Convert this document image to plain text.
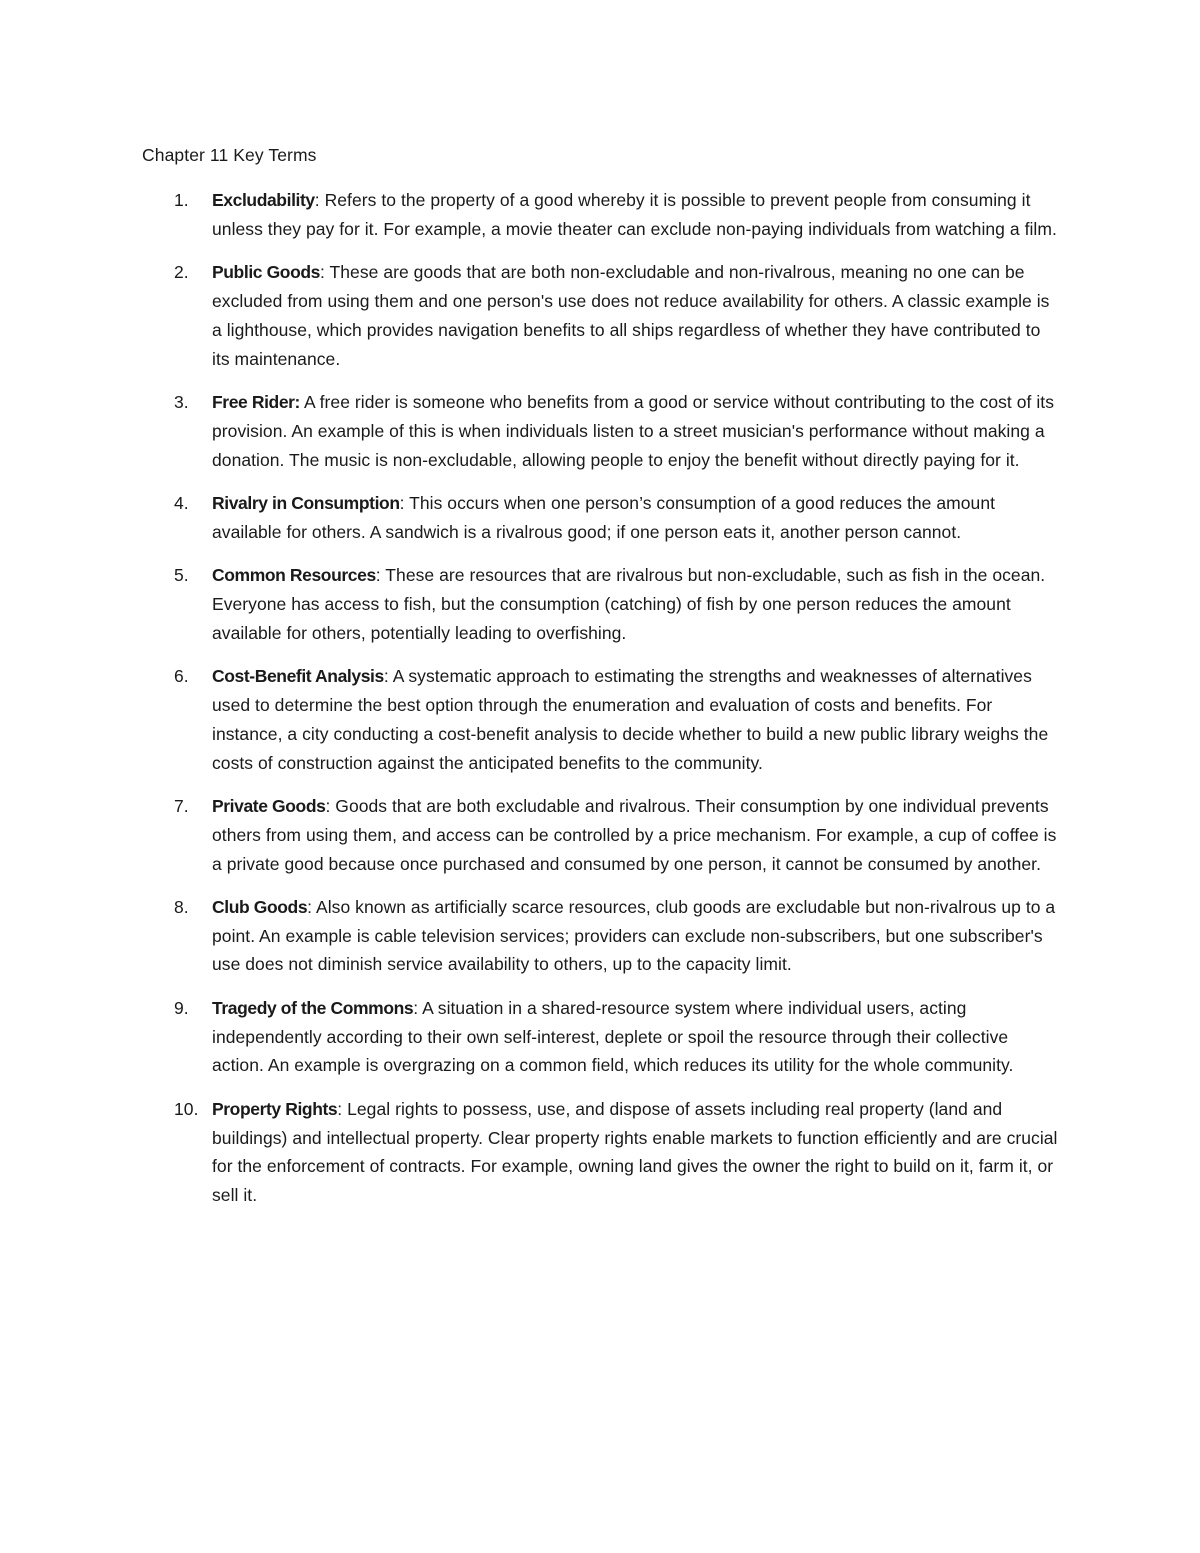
Chapter 11 Key Terms
1.	Excludability: Refers to the property of a good whereby it is possible to prevent people from consuming it unless they pay for it. For example, a movie theater can exclude non-paying individuals from watching a film.
2.	Public Goods: These are goods that are both non-excludable and non-rivalrous, meaning no one can be excluded from using them and one person's use does not reduce availability for others. A classic example is a lighthouse, which provides navigation benefits to all ships regardless of whether they have contributed to its maintenance.
3.	Free Rider: A free rider is someone who benefits from a good or service without contributing to the cost of its provision. An example of this is when individuals listen to a street musician's performance without making a donation. The music is non-excludable, allowing people to enjoy the benefit without directly paying for it.
4.	Rivalry in Consumption: This occurs when one person’s consumption of a good reduces the amount available for others. A sandwich is a rivalrous good; if one person eats it, another person cannot.
5.	Common Resources: These are resources that are rivalrous but non-excludable, such as fish in the ocean. Everyone has access to fish, but the consumption (catching) of fish by one person reduces the amount available for others, potentially leading to overfishing.
6.	Cost-Benefit Analysis: A systematic approach to estimating the strengths and weaknesses of alternatives used to determine the best option through the enumeration and evaluation of costs and benefits. For instance, a city conducting a cost-benefit analysis to decide whether to build a new public library weighs the costs of construction against the anticipated benefits to the community.
7.	Private Goods: Goods that are both excludable and rivalrous. Their consumption by one individual prevents others from using them, and access can be controlled by a price mechanism. For example, a cup of coffee is a private good because once purchased and consumed by one person, it cannot be consumed by another.
8.	Club Goods: Also known as artificially scarce resources, club goods are excludable but non-rivalrous up to a point. An example is cable television services; providers can exclude non-subscribers, but one subscriber's use does not diminish service availability to others, up to the capacity limit.
9.	Tragedy of the Commons: A situation in a shared-resource system where individual users, acting independently according to their own self-interest, deplete or spoil the resource through their collective action. An example is overgrazing on a common field, which reduces its utility for the whole community.
10. Property Rights: Legal rights to possess, use, and dispose of assets including real property (land and buildings) and intellectual property. Clear property rights enable markets to function efficiently and are crucial for the enforcement of contracts. For example, owning land gives the owner the right to build on it, farm it, or sell it.
